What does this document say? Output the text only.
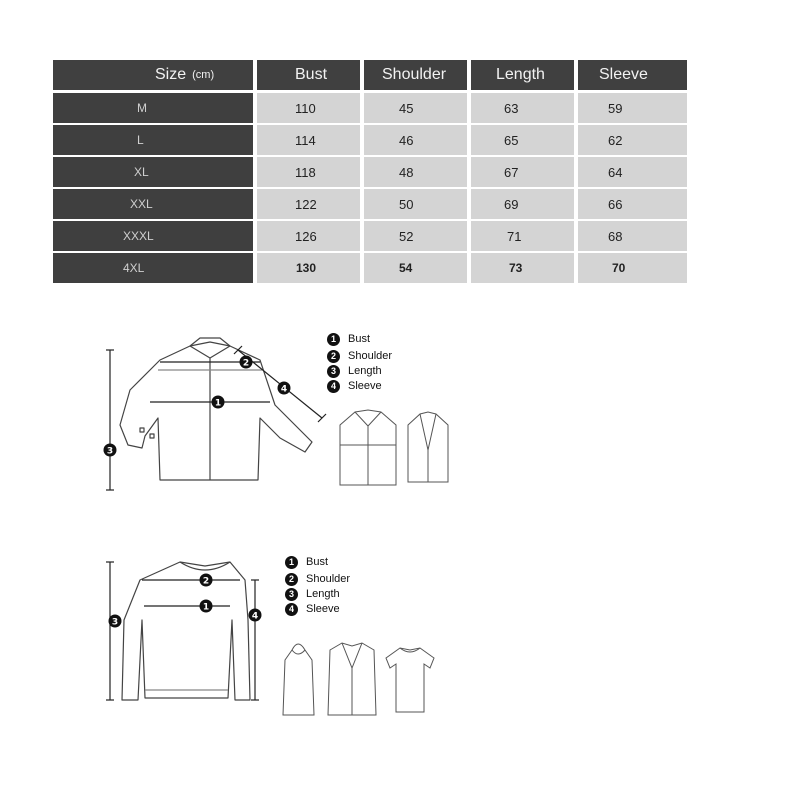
Size (cm)	Bust	Shoulder	Length	Sleeve
M	110	45	63	59
L	114	46	65	62
XL	118	48	67	64
XXL	122	50	69	66
XXXL	126	52	71	68
4XL	130	54	73	70
1
2
3
4
1	Bust
2	Shoulder
3	Length
4	Sleeve
1
2
3
4
1	Bust
2	Shoulder
3	Length
4	Sleeve
